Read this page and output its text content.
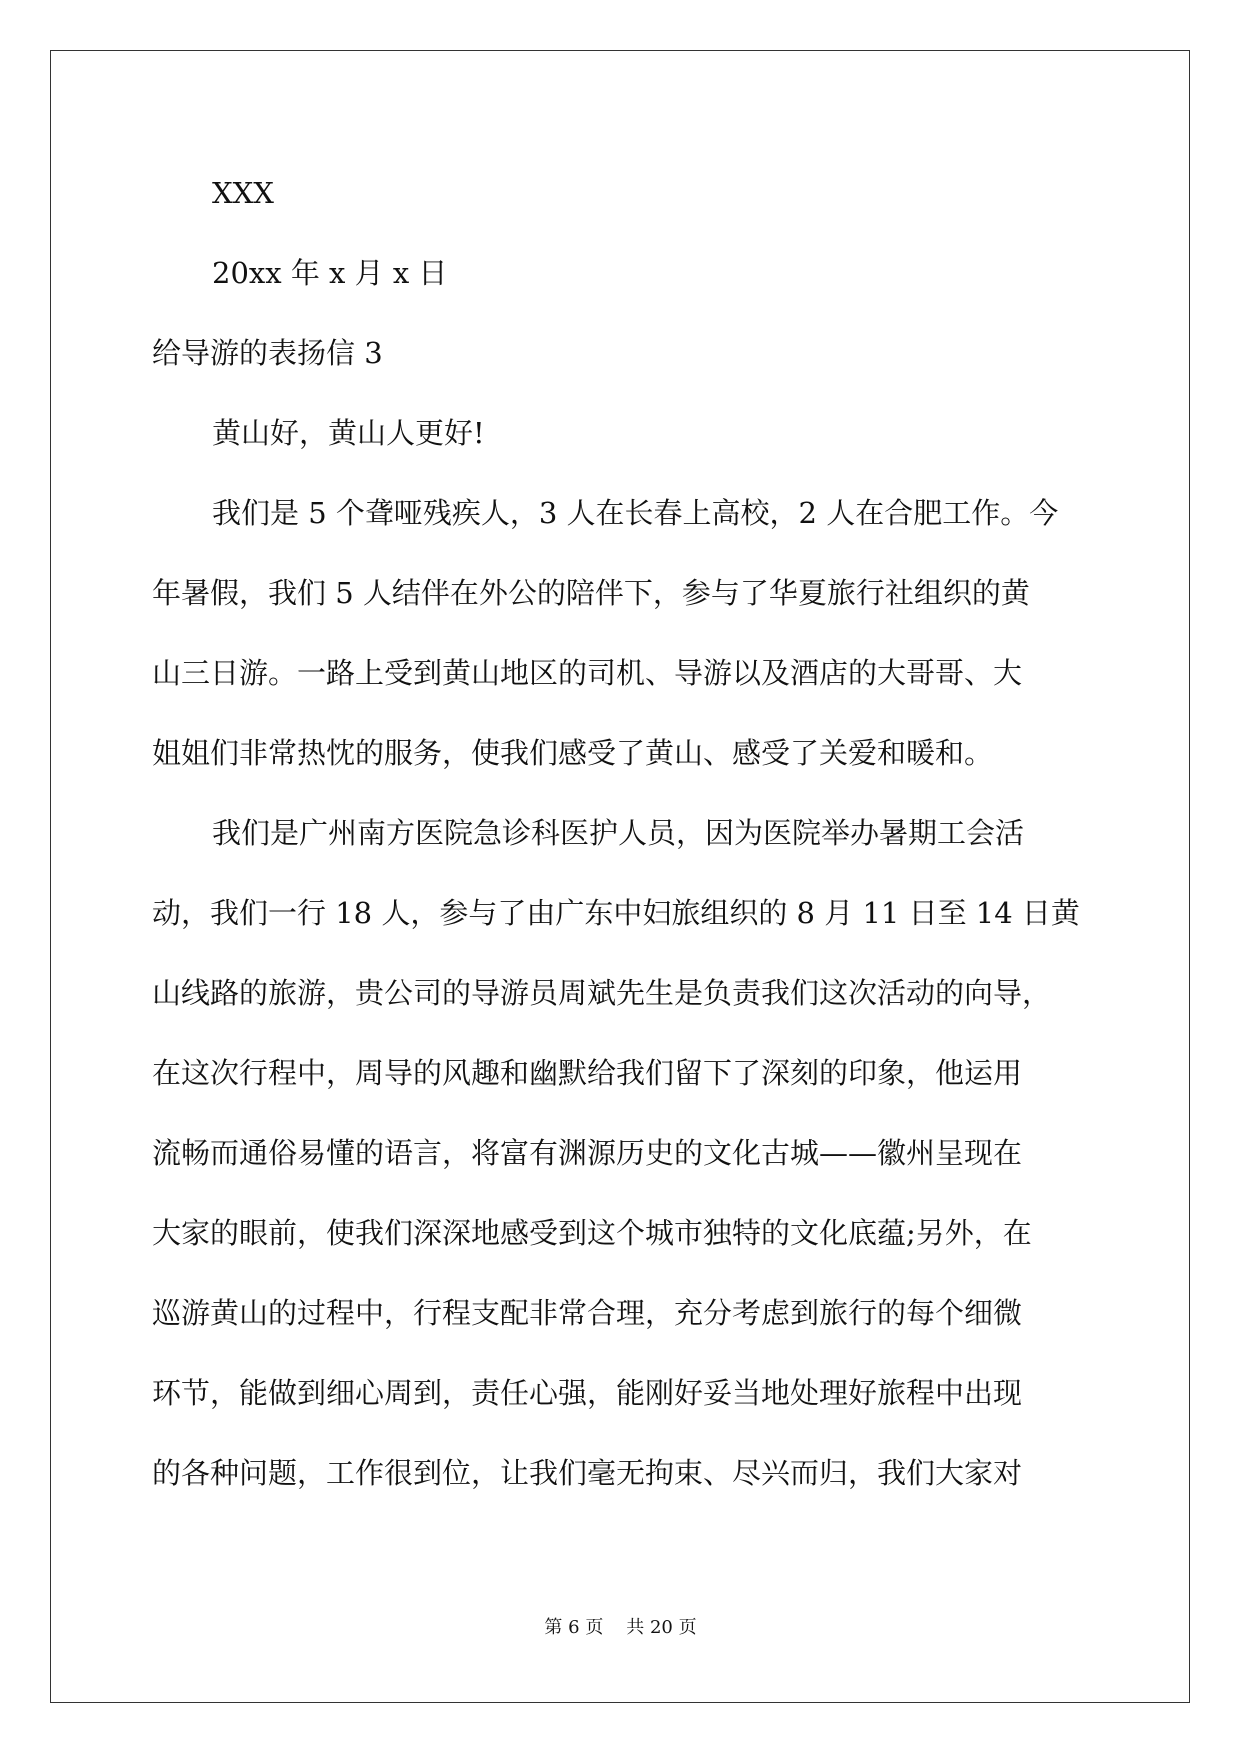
XXX
20xx 年 x 月 x 日
给导游的表扬信 3
黄山好，黄山人更好!
我们是 5 个聋哑残疾人，3 人在长春上高校，2 人在合肥工作。今
年暑假，我们 5 人结伴在外公的陪伴下，参与了华夏旅行社组织的黄
山三日游。一路上受到黄山地区的司机、导游以及酒店的大哥哥、大
姐姐们非常热忱的服务，使我们感受了黄山、感受了关爱和暖和。
我们是广州南方医院急诊科医护人员，因为医院举办暑期工会活
动，我们一行 18 人，参与了由广东中妇旅组织的 8 月 11 日至 14 日黄
山线路的旅游，贵公司的导游员周斌先生是负责我们这次活动的向导，
在这次行程中，周导的风趣和幽默给我们留下了深刻的印象，他运用
流畅而通俗易懂的语言，将富有渊源历史的文化古城——徽州呈现在
大家的眼前，使我们深深地感受到这个城市独特的文化底蕴;另外，在
巡游黄山的过程中，行程支配非常合理，充分考虑到旅行的每个细微
环节，能做到细心周到，责任心强，能刚好妥当地处理好旅程中出现
的各种问题，工作很到位，让我们毫无拘束、尽兴而归，我们大家对
第 6 页 共 20 页
